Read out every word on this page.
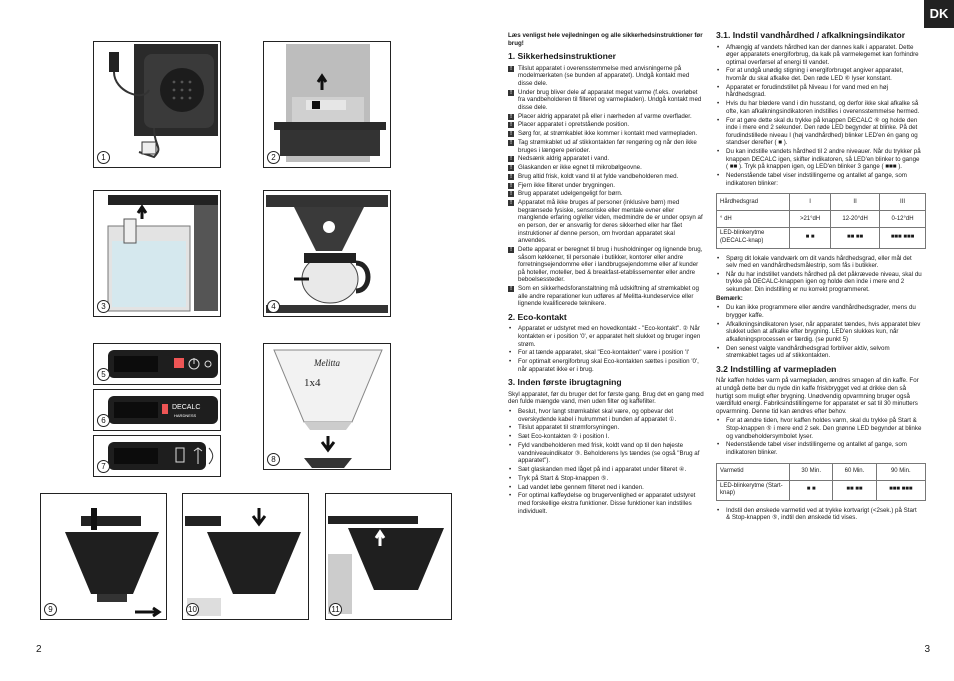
1	2
3	4
5
DECALC
HARDNESS
6
7
Melitta
1x4
8
9	10	11
2	3
DK

Læs venligst hele vejledningen og alle sikkerhedsinstruktioner før brug!

1. Sikkerhedsinstruktioner
! Tilslut apparatet i overensstemmelse med anvisningerne på modelmærkaten (se bunden af apparatet). Undgå kontakt med disse dele.
! Under brug bliver dele af apparatet meget varme (f.eks. overløbet fra vandbeholderen til filteret og varmepladen). Undgå kontakt med disse dele.
! Placer aldrig apparatet på eller i nærheden af varme overflader.
! Placer apparatet i opretstående position.
! Sørg for, at strømkablet ikke kommer i kontakt med varmepladen.
! Tag strømkablet ud af stikkontakten før rengøring og når den ikke bruges i længere perioder.
! Nedsænk aldrig apparatet i vand.
! Glaskanden er ikke egnet til mikrobølgeovne.
! Brug altid frisk, koldt vand til at fylde vandbeholderen med.
! Fjern ikke filteret under brygningen.
! Brug apparatet udelgengeligt for børn.
! Apparatet må ikke bruges af personer (inklusive børn) med begrænsede fysiske, sensoriske eller mentale evner eller manglende erfaring og/eller viden, medmindre de er under opsyn af en person, der er ansvarlig for deres sikkerhed eller har fået instruktioner af denne person, om hvordan apparatet skal anvendes.
! Dette apparat er beregnet til brug i husholdninger og lignende brug, såsom køkkener, til personale i butikker, kontorer eller andre forretningsejendomme eller i landbrugsejendomme eller af kunder på hoteller, moteller, bed & breakfast-etablissementer eller andre beboelsessteder.
! Som en sikkerhedsforanstaltning må udskiftning af strømkablet og alle andre reparationer kun udføres af Melitta-kundeservice eller lignende kvalificerede teknikere.
2. Eco-kontakt
• Apparatet er udstyret med en hovedkontakt - "Eco-kontakt". ② Når kontakten er i position '0', er apparatet helt slukket og bruger ingen strøm.
• For at tænde apparatet, skal "Eco-kontakten" være i position 'I'
• For optimalt energiforbrug skal Eco-kontakten sættes i position '0', når apparatet ikke er i brug.
3. Inden første ibrugtagning

Skyl apparatet, før du bruger det for første gang. Brug det en gang med den fulde mængde vand, men uden filter og kaffefilter.

• Beslut, hvor langt strømkablet skal være, og opbevar det overskydende kabel i hulrummet i bunden af apparatet ①.
• Tilslut apparatet til strømforsyningen.
• Sæt Eco-kontakten ② i position I.
• Fyld vandbeholderen med frisk, koldt vand op til den højeste vandniveauindikator ③. Beholderens lys tændes (se også "Brug af apparatet").
• Sæt glaskanden med låget på ind i apparatet under filteret ④.
• Tryk på Start & Stop-knappen ⑤.
• Lad vandet løbe gennem filteret ned i kanden.
• For optimal kaffeydelse og brugervenlighed er apparatet udstyret med forskellige ekstra funktioner. Disse funktioner kan indstilles individuelt.
3.1. Indstil vandhårdhed / afkalkningsindikator
• Afhængig af vandets hårdhed kan der dannes kalk i apparatet. Dette øger apparatets energiforbrug, da kalk på varmelegemet kan forhindre optimal overførsel af energi til vandet.
• For at undgå unødig stigning i energiforbruget angiver apparatet, hvornår du skal afkalke det. Den røde LED ⑥ lyser konstant.
• Apparatet er forudindstillet på Niveau I for vand med en høj hårdhedsgrad.
• Hvis du har blødere vand i din husstand, og derfor ikke skal afkalke så ofte, kan afkalkningsindikatoren indstilles i overensstemmelse hermed.
• For at gøre dette skal du trykke på knappen DECALC ⑥ og holde den inde i mere end 2 sekunder. Den røde LED begynder at blinke. På det forudindstillede niveau I (høj vandhårdhed) blinker LED'en én gang og standser derefter ( ■ ).
• Du kan indstille vandets hårdhed til 2 andre niveauer. Når du trykker på knappen DECALC igen, skifter indikatoren, så LED'en blinker to gange ( ■■ ). Tryk på knappen igen, og LED'en blinker 3 gange ( ■■■ ).
• Nedenstående tabel viser indstillingerne og antallet af gange, som indikatoren blinker:
Hårdhedsgrad	I	II	III
° dH	>21°dH	12-20°dH	0-12°dH
LED-blinkerytme (DECALC-knap)	■ ■	■■ ■■	■■■ ■■■
• Spørg dit lokale vandværk om dit vands hårdhedsgrad, eller mål det selv med en vandhårdhedsmålestrip, som fås i butikker.
• Når du har indstillet vandets hårdhed på det påkrævede niveau, skal du trykke på DECALC-knappen igen og holde den inde i mere end 2 sekunder. Din indstilling er nu korrekt programmeret.

Bemærk:

• Du kan ikke programmere eller ændre vandhårdhedsgrader, mens du brygger kaffe.
• Afkalkningsindikatoren lyser, når apparatet tændes, hvis apparatet blev slukket uden at afkalke efter brygning. LED'en slukkes kun, når afkalkningsprocessen er færdig. (se punkt 5)
• Den senest valgte vandhårdhedsgrad forbliver aktiv, selvom strømkablet tages ud af stikkontakten.
3.2 Indstilling af varmepladen

Når kaffen holdes varm på varmepladen, ændres smagen af din kaffe. For at undgå dette bør du nyde din kaffe friskbrygget ved at drikke den så hurtigt som muligt efter brygning. Unødvendig opvarmning bruger også værdifuld energi. Fabriksindstillingerne for apparatet er sat til 30 minutters opvarmning. Denne tid kan ændres efter behov.

• For at ændre tiden, hvor kaffen holdes varm, skal du trykke på Start & Stop-knappen ⑤ i mere end 2 sek. Den grønne LED begynder at blinke og vandbeholdersymbolet lyser.
• Nedenstående tabel viser indstillingerne og antallet af gange, som indikatoren blinker.
Varmetid	30 Min.	60 Min.	90 Min.
LED-blinkerytme (Start-knap)	■ ■	■■ ■■	■■■ ■■■
• Indstil den ønskede varmetid ved at trykke kortvarigt (<2sek.) på Start & Stop-knappen ⑤, indtil den ønskede tid vises.
